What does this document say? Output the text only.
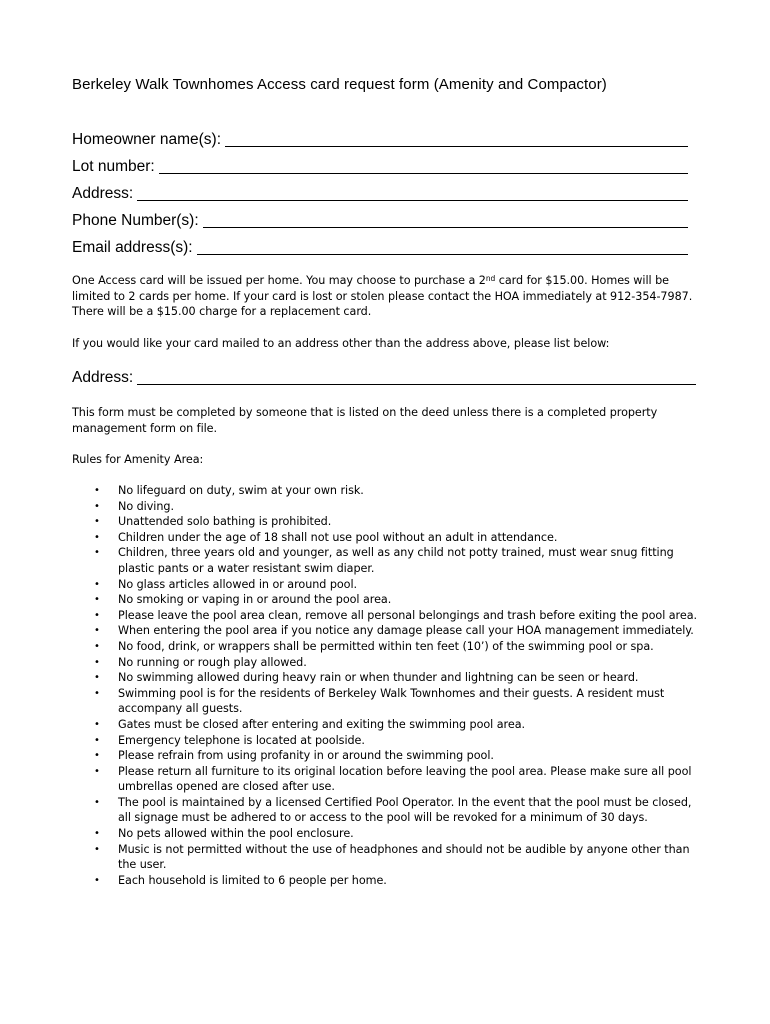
Berkeley Walk Townhomes Access card request form (Amenity and Compactor)
Homeowner name(s):
Lot number:
Address:
Phone Number(s):
Email address(s):

One Access card will be issued per home. You may choose to purchase a 2nd card for $15.00. Homes will be limited to 2 cards per home. If your card is lost or stolen please contact the HOA immediately at 912-354-7987. There will be a $15.00 charge for a replacement card.

If you would like your card mailed to an address other than the address above, please list below:

Address:

This form must be completed by someone that is listed on the deed unless there is a completed property management form on file.

Rules for Amenity Area:

• No lifeguard on duty, swim at your own risk.
• No diving.
• Unattended solo bathing is prohibited.
• Children under the age of 18 shall not use pool without an adult in attendance.
• Children, three years old and younger, as well as any child not potty trained, must wear snug fitting plastic pants or a water resistant swim diaper.
• No glass articles allowed in or around pool.
• No smoking or vaping in or around the pool area.
• Please leave the pool area clean, remove all personal belongings and trash before exiting the pool area.
• When entering the pool area if you notice any damage please call your HOA management immediately.
• No food, drink, or wrappers shall be permitted within ten feet (10’) of the swimming pool or spa.
• No running or rough play allowed.
• No swimming allowed during heavy rain or when thunder and lightning can be seen or heard.
• Swimming pool is for the residents of Berkeley Walk Townhomes and their guests. A resident must accompany all guests.
• Gates must be closed after entering and exiting the swimming pool area.
• Emergency telephone is located at poolside.
• Please refrain from using profanity in or around the swimming pool.
• Please return all furniture to its original location before leaving the pool area. Please make sure all pool umbrellas opened are closed after use.
• The pool is maintained by a licensed Certified Pool Operator. In the event that the pool must be closed, all signage must be adhered to or access to the pool will be revoked for a minimum of 30 days.
• No pets allowed within the pool enclosure.
• Music is not permitted without the use of headphones and should not be audible by anyone other than the user.
• Each household is limited to 6 people per home.
